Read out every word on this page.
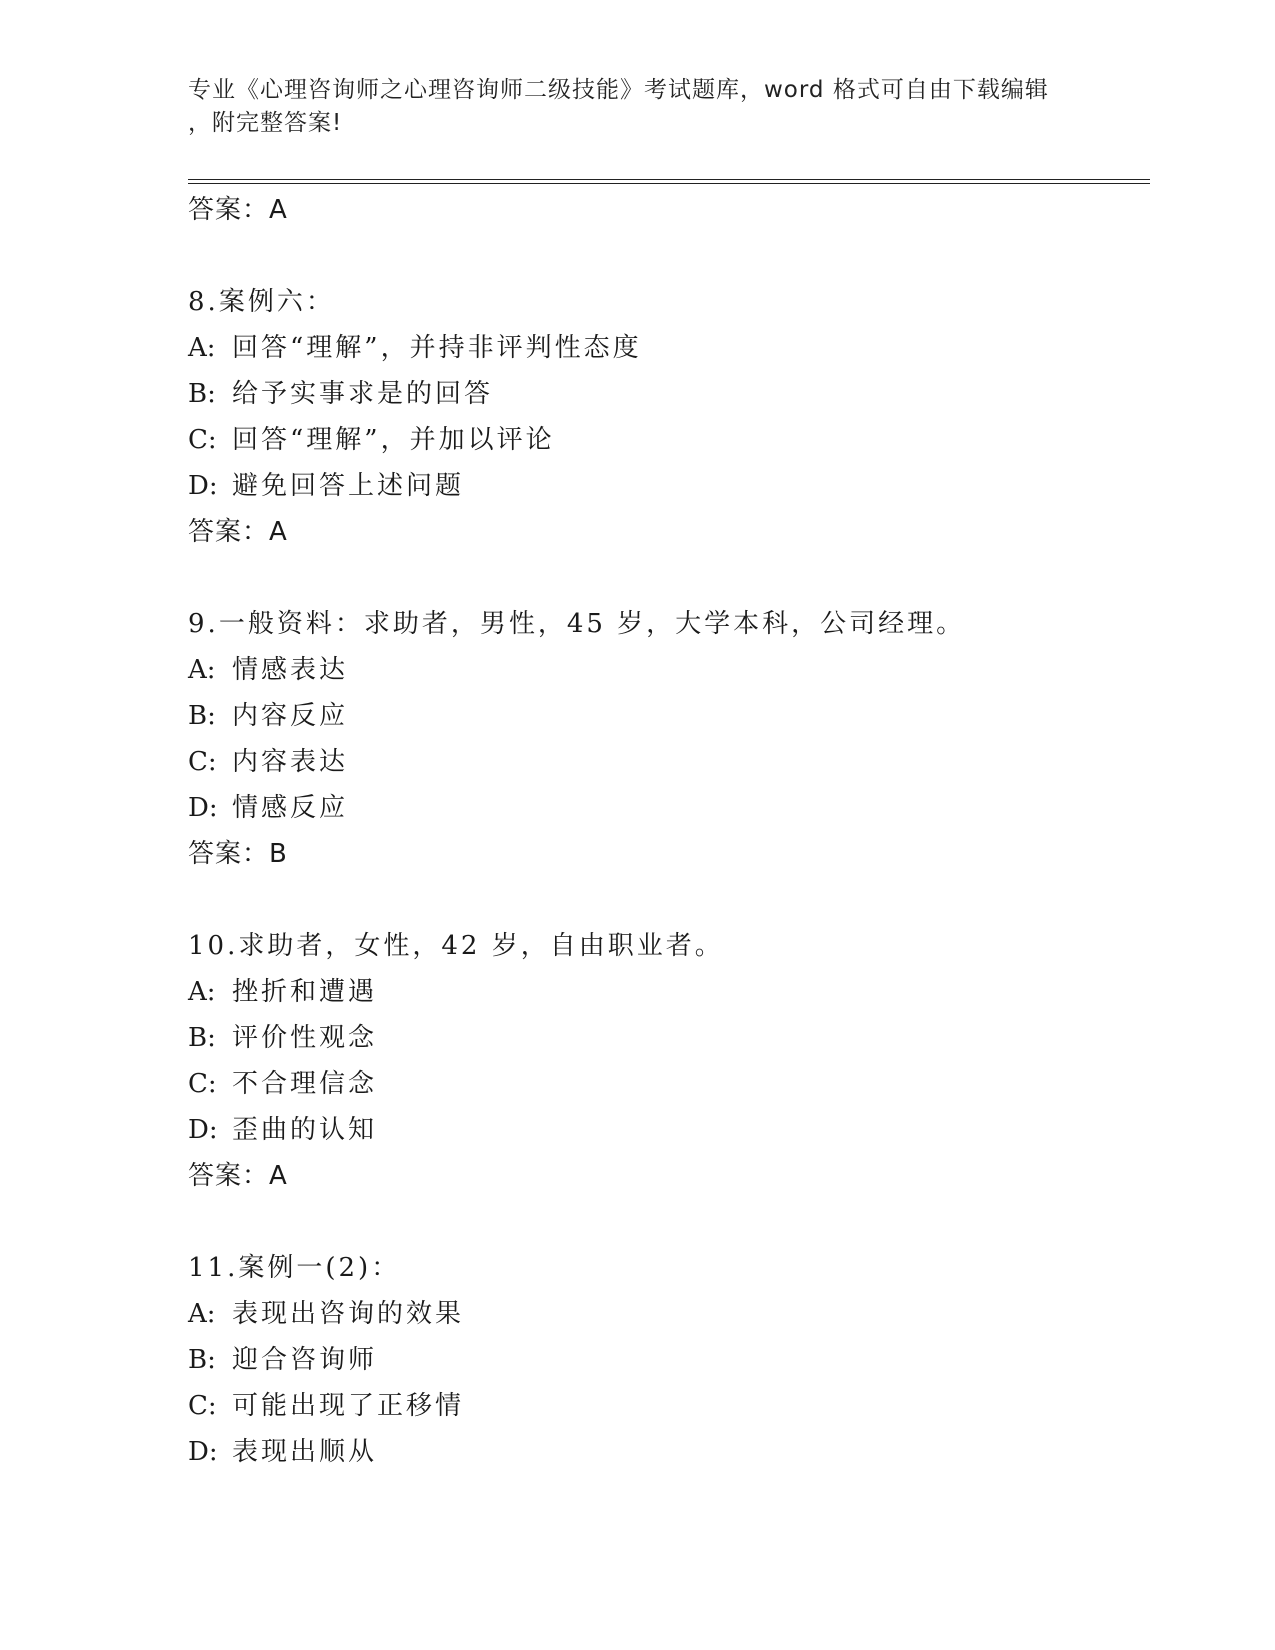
专业《心理咨询师之心理咨询师二级技能》考试题库，word 格式可自由下载编辑
，附完整答案!
答案：A
8.案例六：
A: 回答“理解”，并持非评判性态度
B: 给予实事求是的回答
C: 回答“理解”，并加以评论
D: 避免回答上述问题
答案：A
9.一般资料：求助者，男性，45 岁，大学本科，公司经理。
A: 情感表达
B: 内容反应
C: 内容表达
D: 情感反应
答案：B
10.求助者，女性，42 岁，自由职业者。
A: 挫折和遭遇
B: 评价性观念
C: 不合理信念
D: 歪曲的认知
答案：A
11.案例一(2)：
A: 表现出咨询的效果
B: 迎合咨询师
C: 可能出现了正移情
D: 表现出顺从
